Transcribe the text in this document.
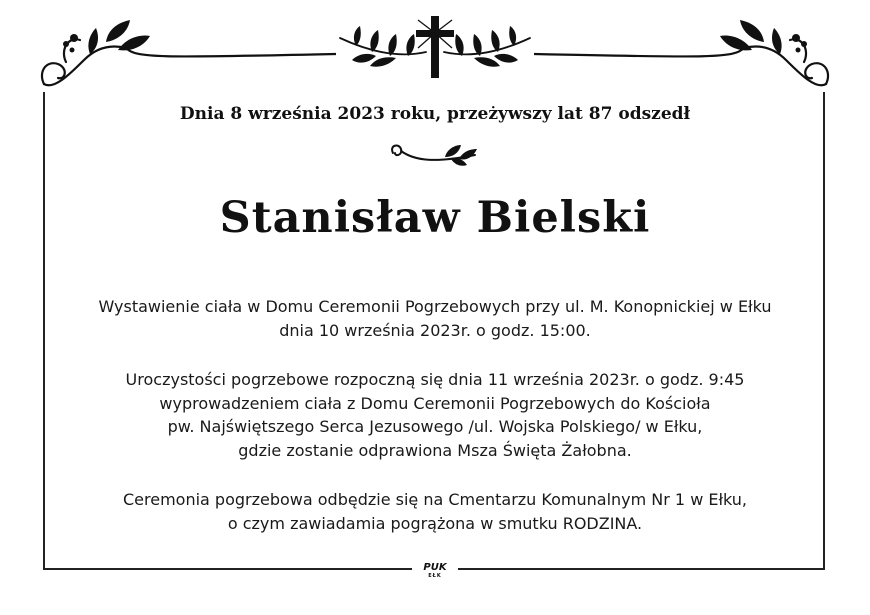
Dnia 8 września 2023 roku, przeżywszy lat 87 odszedł
Stanisław Bielski
Wystawienie ciała w Domu Ceremonii Pogrzebowych przy ul. M. Konopnickiej w Ełku
dnia 10 września 2023r. o godz. 15:00.
Uroczystości pogrzebowe rozpoczną się dnia 11 września 2023r. o godz. 9:45
wyprowadzeniem ciała z Domu Ceremonii Pogrzebowych do Kościoła
pw. Najświętszego Serca Jezusowego /ul. Wojska Polskiego/ w Ełku,
gdzie zostanie odprawiona Msza Święta Żałobna.
Ceremonia pogrzebowa odbędzie się na Cmentarzu Komunalnym Nr 1 w Ełku,
o czym zawiadamia pogrążona w smutku RODZINA.
PUK
EŁK
